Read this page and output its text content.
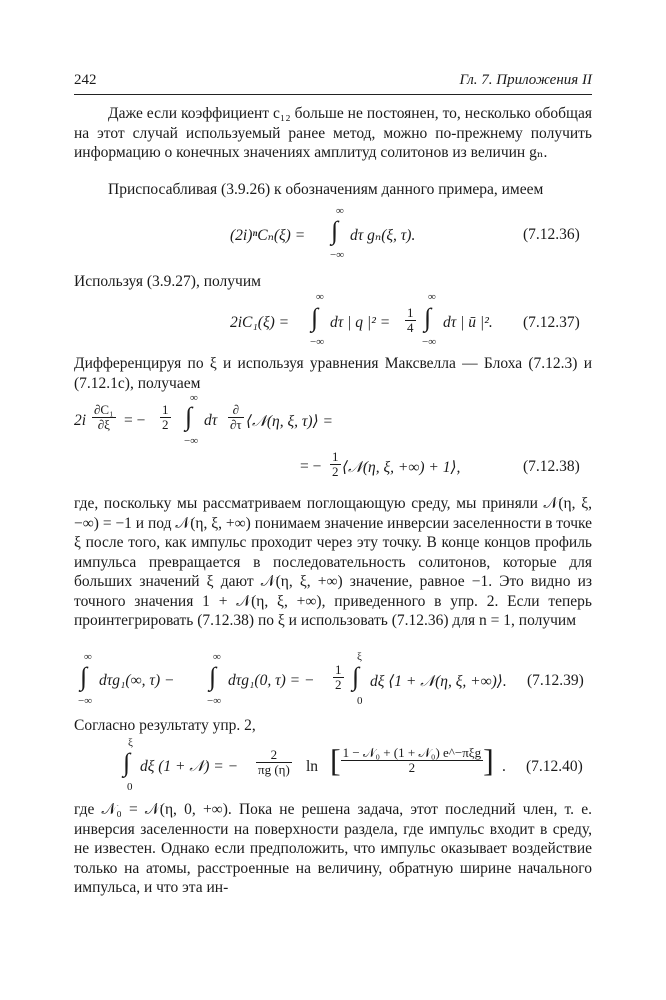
242	Гл. 7. Приложения II

Даже если коэффициент c₁₂ больше не постоянен, то, несколько обобщая на этот случай используемый ранее метод, можно по-прежнему получить информацию о конечных значениях амплитуд солитонов из величин gₙ.

Приспосабливая (3.9.26) к обозначениям данного примера, имеем

(2i)ⁿCₙ(ξ) =
∞
∫
−∞
dτ gₙ(ξ, τ).	(7.12.36)

Используя (3.9.27), получим

2iC₁(ξ) =
∞
∫
−∞
dτ | q $|^2 = \frac{1}{4}$
∞
∫
−∞
dτ | ū |². (7.12.37)

Дифференцируя по ξ и используя уравнения Максвелла — Блоха (7.12.3) и (7.12.1c), получаем

$2i \frac{\text{∂C₁}}{\partial\xi}$ = − $\frac{1}{2}$
∞
∫
−∞
dτ $\frac{\partial}{\partial\tau}$ ⟨𝒩(η, ξ, τ)⟩ =
= − $\frac{1}{2}$ ⟨𝒩(η, ξ, +∞) + 1⟩,	(7.12.38)

где, поскольку мы рассматриваем поглощающую среду, мы приняли 𝒩(η, ξ, −∞) = −1 и под 𝒩(η, ξ, +∞) понимаем значение инверсии заселенности в точке ξ после того, как импульс проходит через эту точку. В конце концов профиль импульса превращается в последовательность солитонов, которые для больших значений ξ дают 𝒩(η, ξ, +∞) значение, равное −1. Это видно из точного значения 1 + 𝒩(η, ξ, +∞), приведенного в упр. 2. Если теперь проинтегрировать (7.12.38) по ξ и использовать (7.12.36) для n = 1, получим

∞
∫
−∞
dτg₁(∞, τ) −
∞
∫
−∞
dτg₁(0, τ) = − $\frac{1}{2}$
ξ
∫
0
dξ ⟨1 + 𝒩(η, ξ, +∞)⟩. (7.12.39)

Согласно результату упр. 2,

ξ
∫
0
dξ (1 + 𝒩) = − $\frac{2}{\pi g (\eta)}$ ln [ $\frac{\text{1 − 𝒩₀ + (1 + 𝒩₀) e\textasciicircum{}−πξg}}{2}$ ] . (7.12.40)

где 𝒩₀ = 𝒩(η, 0, +∞). Пока не решена задача, этот последний член, т. е. инверсия заселенности на поверхности раздела, где импульс входит в среду, не известен. Однако если предположить, что импульс оказывает воздействие только на атомы, расстроенные на величину, обратную ширине начального импульса, и что эта ин-
